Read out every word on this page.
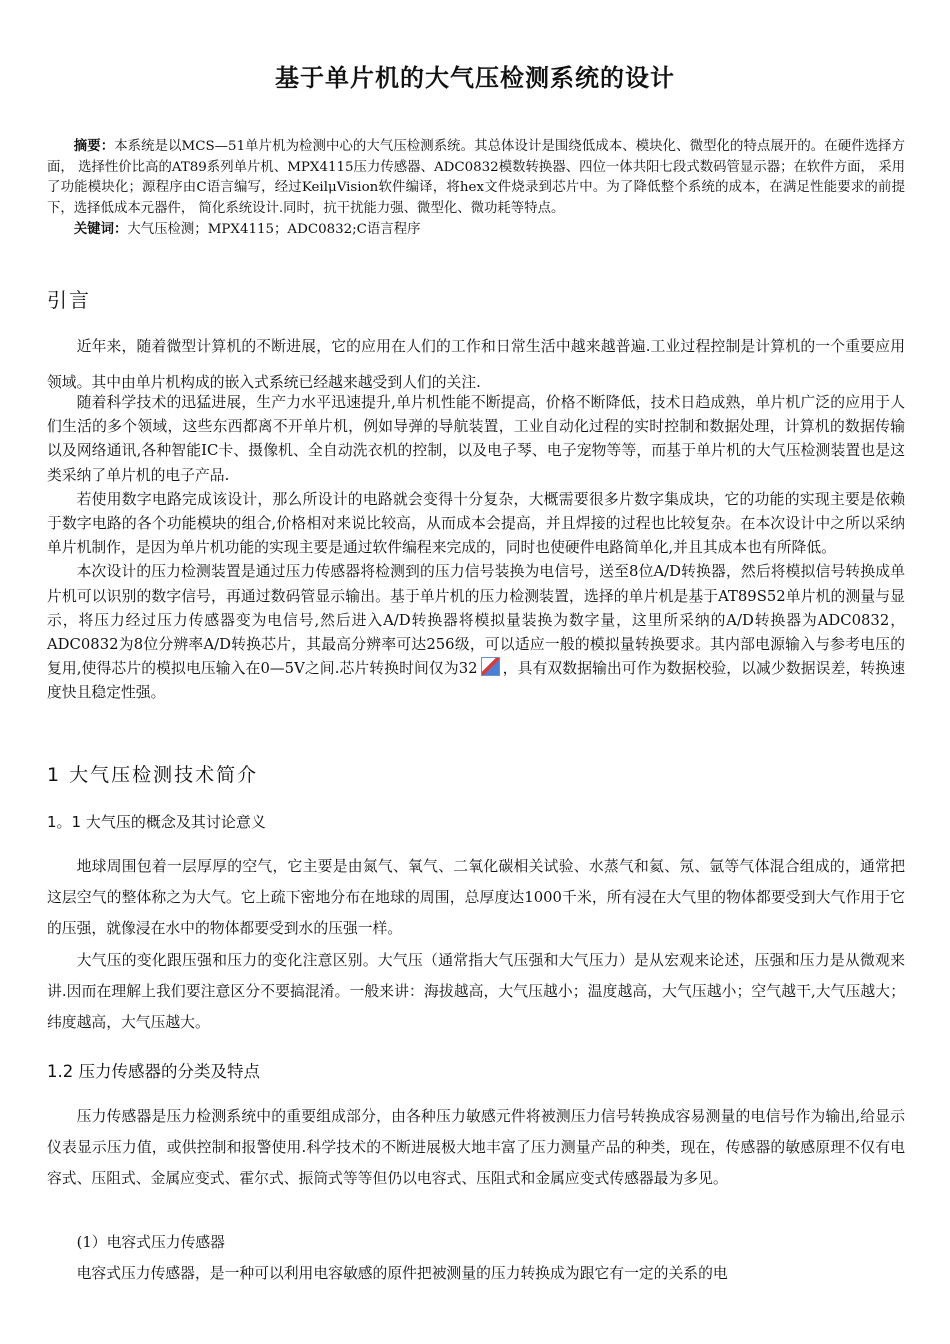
基于单片机的大气压检测系统的设计

摘要：本系统是以MCS—51单片机为检测中心的大气压检测系统。其总体设计是围绕低成本、模块化、微型化的特点展开的。在硬件选择方面， 选择性价比高的AT89系列单片机、MPX4115压力传感器、ADC0832模数转换器、四位一体共阳七段式数码管显示器；在软件方面， 采用了功能模块化；源程序由C语言编写，经过KeilμVision软件编译，将hex文件烧录到芯片中。为了降低整个系统的成本，在满足性能要求的前提下，选择低成本元器件， 简化系统设计.同时，抗干扰能力强、微型化、微功耗等特点。

关键词：大气压检测；MPX4115；ADC0832;C语言程序

引言

近年来，随着微型计算机的不断进展，它的应用在人们的工作和日常生活中越来越普遍.工业过程控制是计算机的一个重要应用领域。其中由单片机构成的嵌入式系统已经越来越受到人们的关注.

随着科学技术的迅猛进展，生产力水平迅速提升,单片机性能不断提高，价格不断降低，技术日趋成熟，单片机广泛的应用于人们生活的多个领域，这些东西都离不开单片机，例如导弹的导航装置，工业自动化过程的实时控制和数据处理，计算机的数据传输以及网络通讯,各种智能IC卡、摄像机、全自动洗衣机的控制，以及电子琴、电子宠物等等，而基于单片机的大气压检测装置也是这类采纳了单片机的电子产品.

若使用数字电路完成该设计，那么所设计的电路就会变得十分复杂，大概需要很多片数字集成块，它的功能的实现主要是依赖于数字电路的各个功能模块的组合,价格相对来说比较高，从而成本会提高，并且焊接的过程也比较复杂。在本次设计中之所以采纳单片机制作，是因为单片机功能的实现主要是通过软件编程来完成的，同时也使硬件电路简单化,并且其成本也有所降低。

本次设计的压力检测装置是通过压力传感器将检测到的压力信号装换为电信号，送至8位A/D转换器，然后将模拟信号转换成单片机可以识别的数字信号，再通过数码管显示输出。基于单片机的压力检测装置，选择的单片机是基于AT89S52单片机的测量与显示，将压力经过压力传感器变为电信号,然后进入A/D转换器将模拟量装换为数字量，这里所采纳的A/D转换器为ADC0832，ADC0832为8位分辨率A/D转换芯片，其最高分辨率可达256级，可以适应一般的模拟量转换要求。其内部电源输入与参考电压的复用,使得芯片的模拟电压输入在0—5V之间.芯片转换时间仅为32 ，具有双数据输出可作为数据校验，以减少数据误差，转换速度快且稳定性强。

1 大气压检测技术简介
1。1 大气压的概念及其讨论意义

地球周围包着一层厚厚的空气，它主要是由氮气、氧气、二氧化碳相关试验、水蒸气和氦、氖、氩等气体混合组成的，通常把这层空气的整体称之为大气。它上疏下密地分布在地球的周围，总厚度达1000千米，所有浸在大气里的物体都要受到大气作用于它的压强，就像浸在水中的物体都要受到水的压强一样。

大气压的变化跟压强和压力的变化注意区别。大气压（通常指大气压强和大气压力）是从宏观来论述，压强和压力是从微观来讲.因而在理解上我们要注意区分不要搞混淆。一般来讲：海拔越高，大气压越小；温度越高，大气压越小；空气越干,大气压越大；纬度越高，大气压越大。

1.2 压力传感器的分类及特点

压力传感器是压力检测系统中的重要组成部分，由各种压力敏感元件将被测压力信号转换成容易测量的电信号作为输出,给显示仪表显示压力值，或供控制和报警使用.科学技术的不断进展极大地丰富了压力测量产品的种类，现在，传感器的敏感原理不仅有电容式、压阻式、金属应变式、霍尔式、振筒式等等但仍以电容式、压阻式和金属应变式传感器最为多见。

(1）电容式压力传感器

电容式压力传感器，是一种可以利用电容敏感的原件把被测量的压力转换成为跟它有一定的关系的电
